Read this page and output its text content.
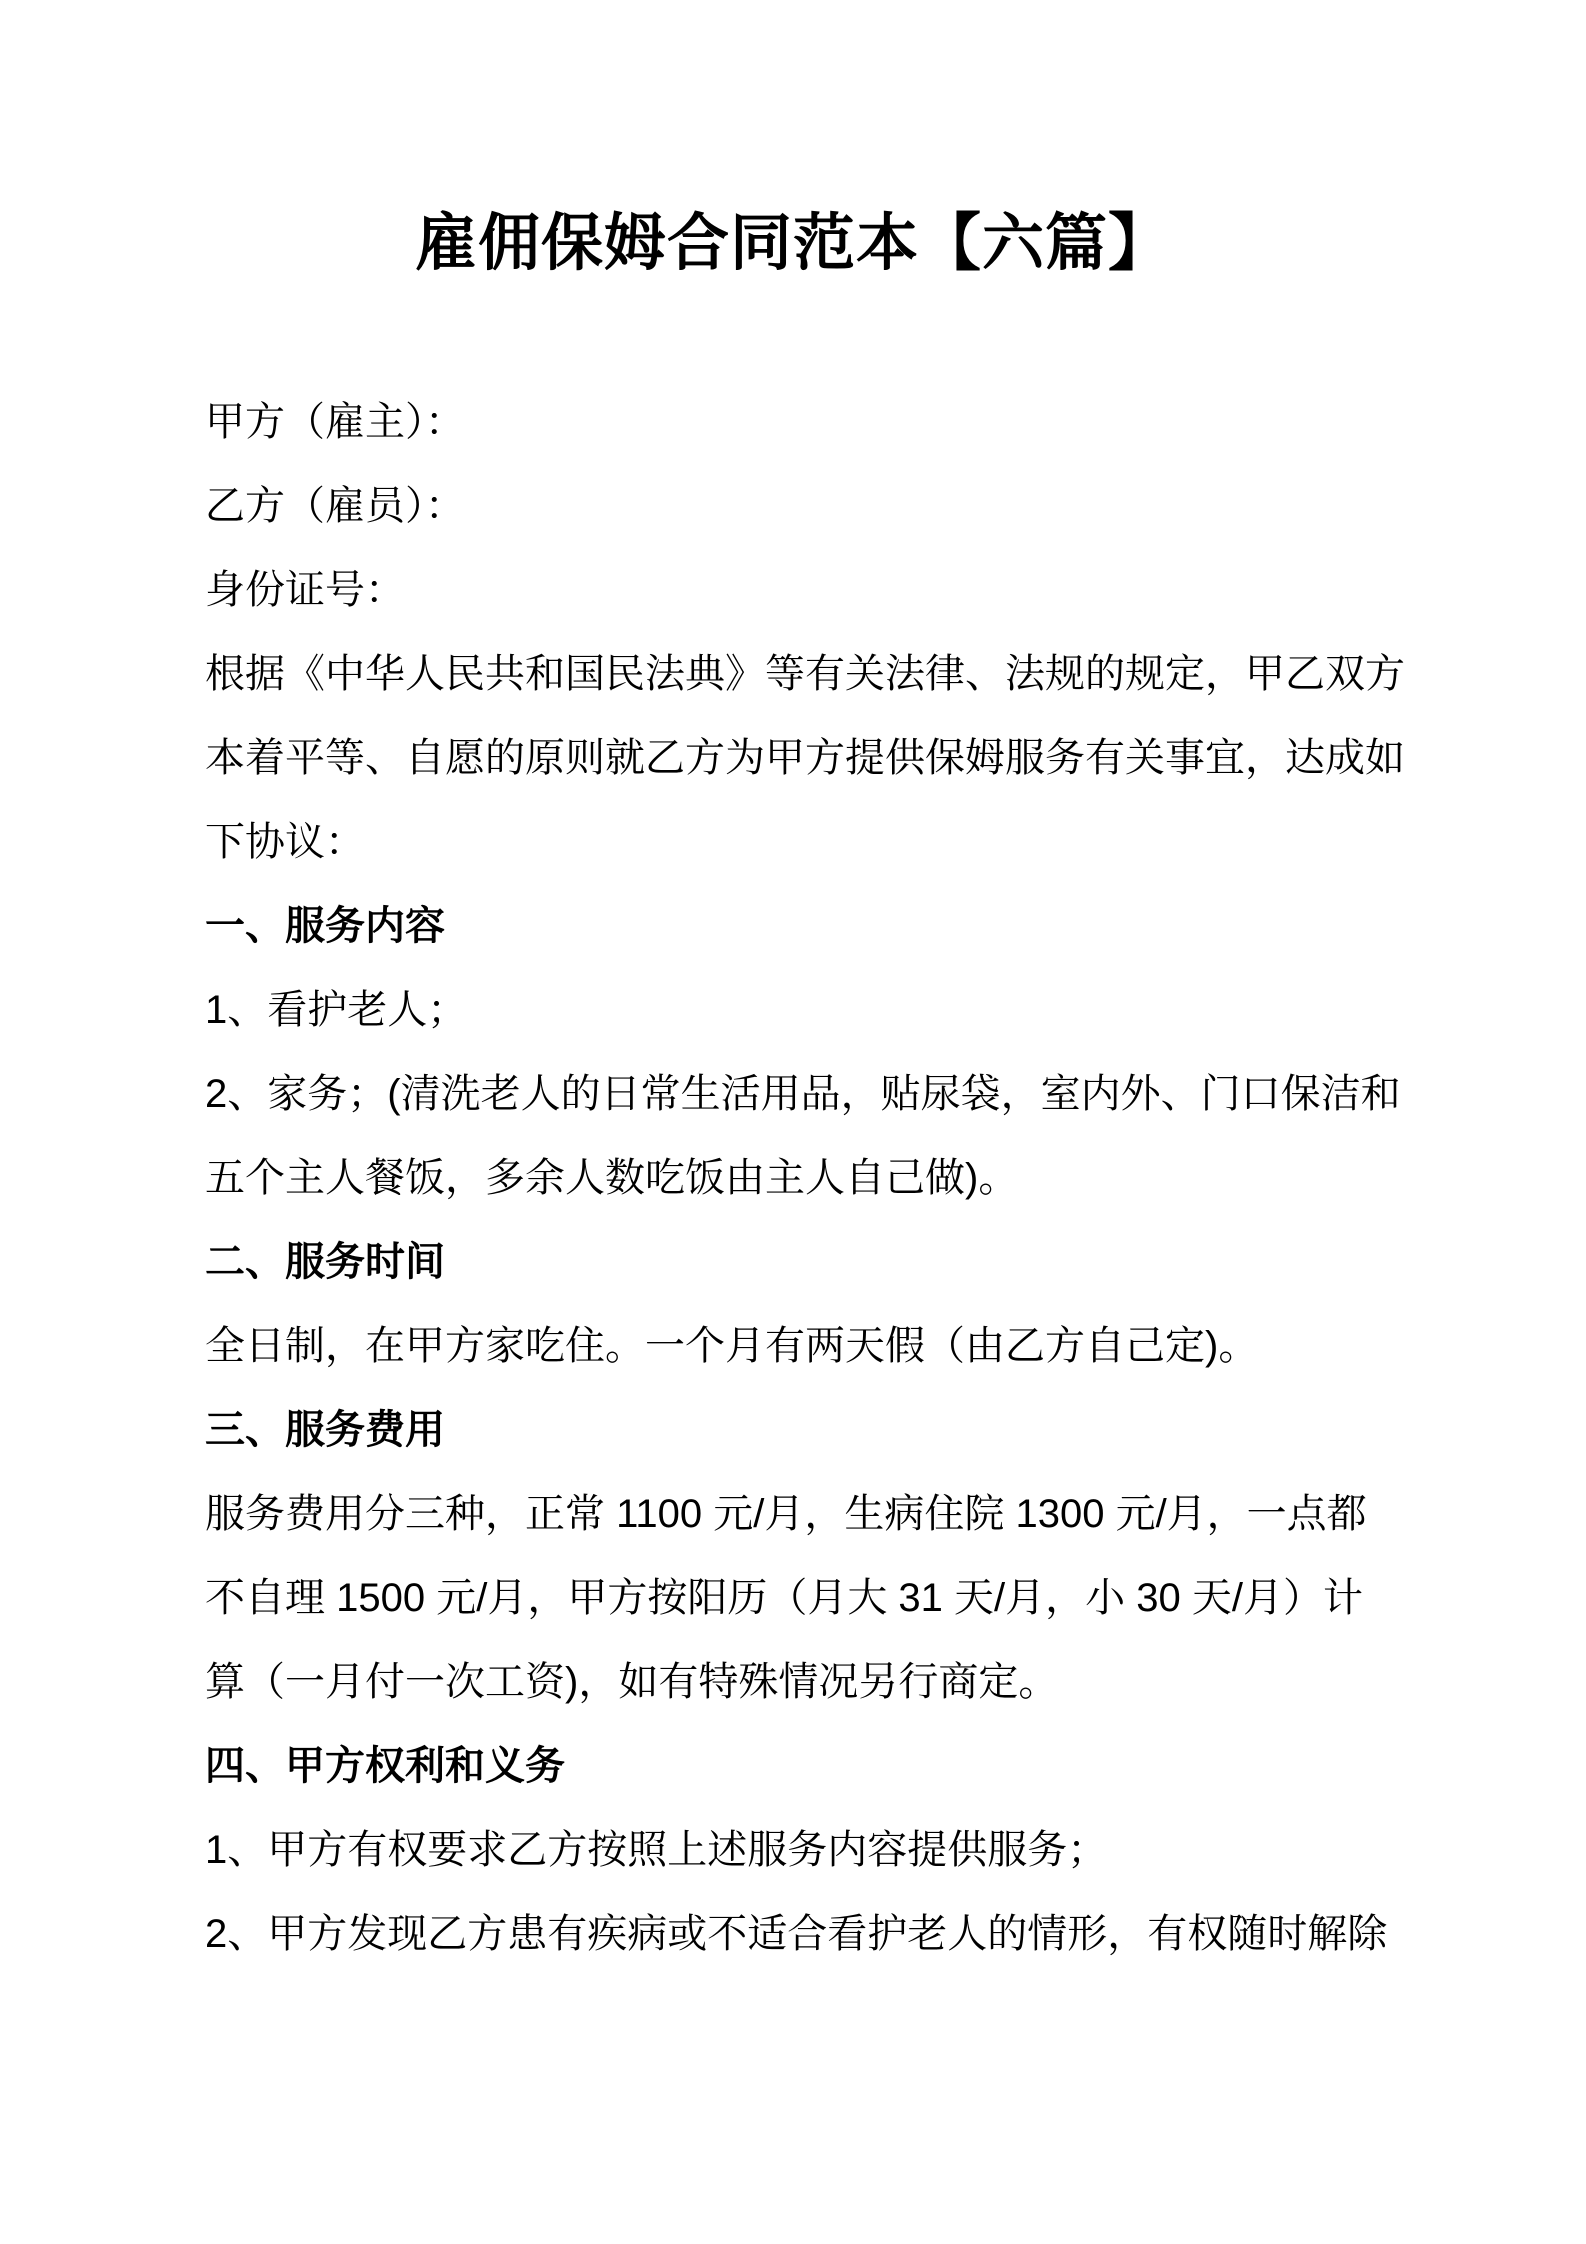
雇佣保姆合同范本【六篇】
甲方（雇主）：
乙方（雇员）：
身份证号：
根据《中华人民共和国民法典》等有关法律、法规的规定，甲乙双方
本着平等、自愿的原则就乙方为甲方提供保姆服务有关事宜，达成如
下协议：
一、服务内容
1、看护老人；
2、家务；(清洗老人的日常生活用品，贴尿袋，室内外、门口保洁和
五个主人餐饭，多余人数吃饭由主人自己做)。
二、服务时间
全日制，在甲方家吃住。一个月有两天假（由乙方自己定)。
三、服务费用
服务费用分三种，正常 1100 元/月，生病住院 1300 元/月，一点都
不自理 1500 元/月，甲方按阳历（月大 31 天/月，小 30 天/月）计
算（一月付一次工资)，如有特殊情况另行商定。
四、甲方权利和义务
1、甲方有权要求乙方按照上述服务内容提供服务；
2、甲方发现乙方患有疾病或不适合看护老人的情形，有权随时解除
